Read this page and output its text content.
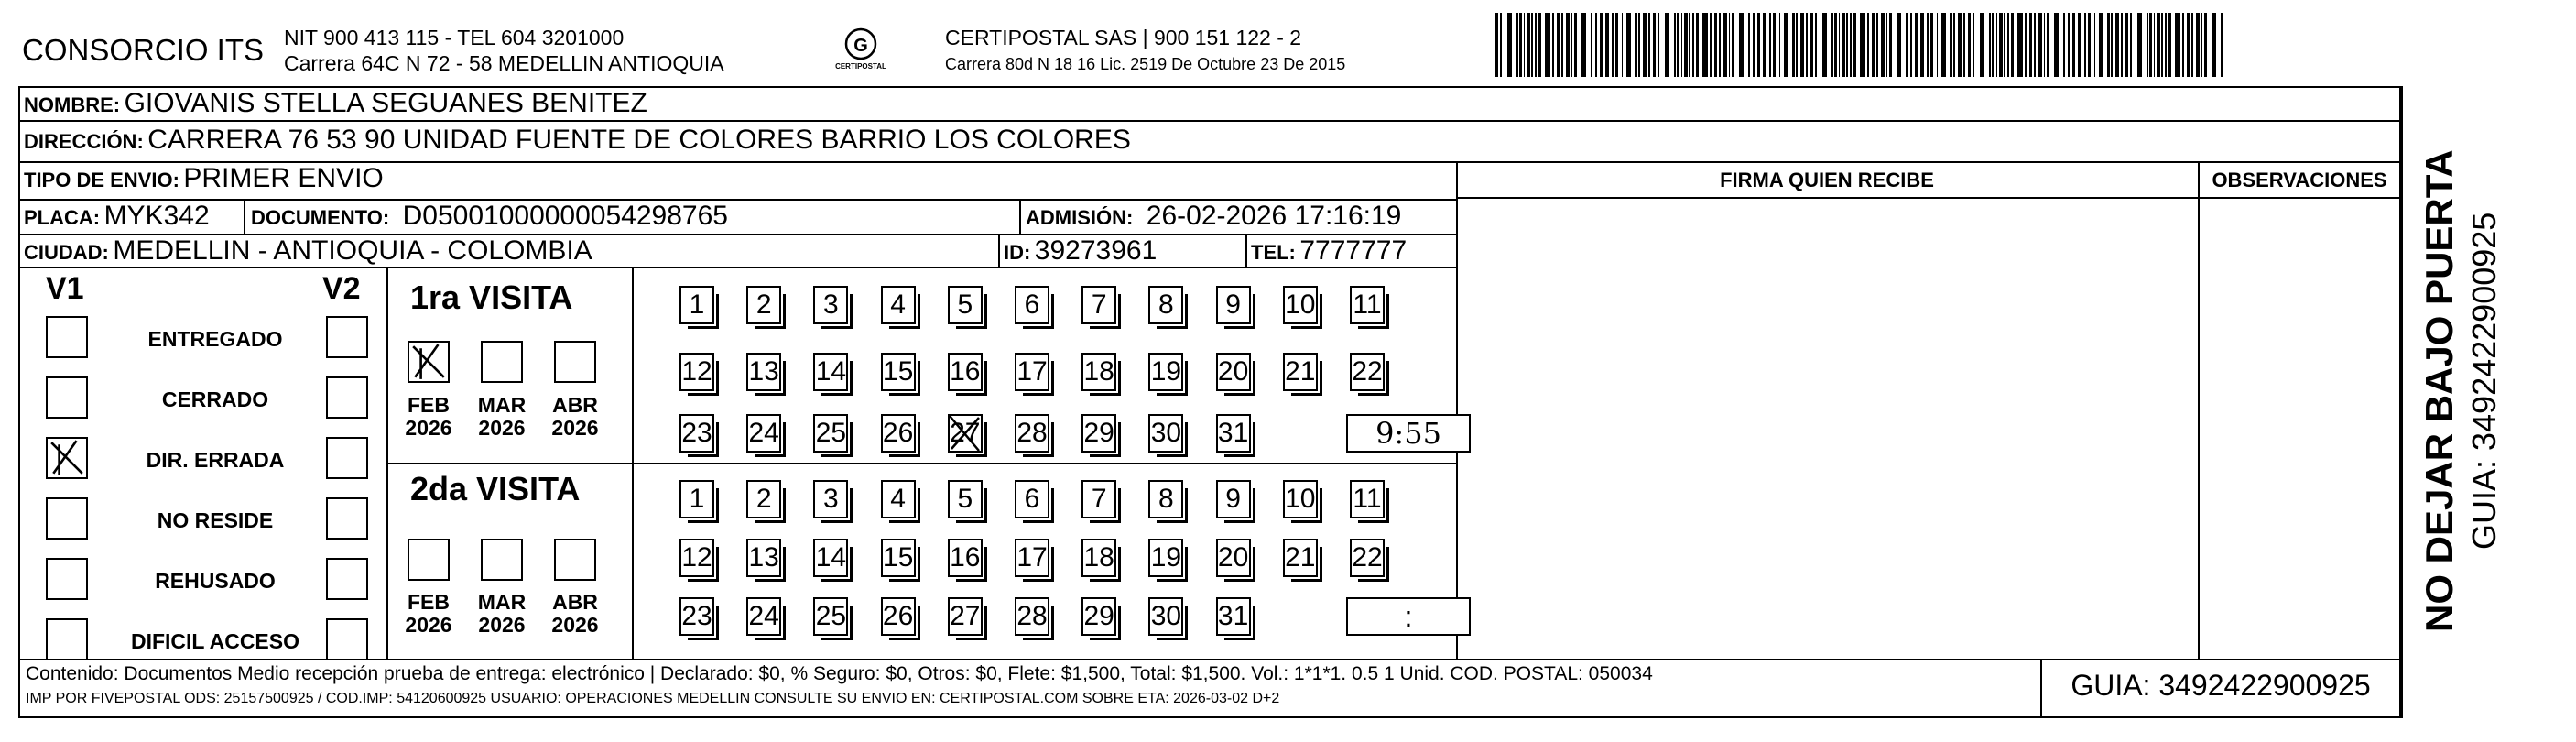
CONSORCIO ITS NIT 900 413 115 - TEL 604 3201000
Carrera 64C N 72 - 58 MEDELLIN ANTIOQUIA
G
CERTIPOSTAL
CERTIPOSTAL SAS | 900 151 122 - 2
Carrera 80d N 18 16 Lic. 2519 De Octubre 23 De 2015
NOMBRE: GIOVANIS STELLA SEGUANES BENITEZ
DIRECCIÓN: CARRERA 76 53 90 UNIDAD FUENTE DE COLORES BARRIO LOS COLORES
TIPO DE ENVIO: PRIMER ENVIO	FIRMA QUIEN RECIBE	OBSERVACIONES
PLACA: MYK342 DOCUMENTO: D05001000000054298765	ADMISIÓN: 26-02-2026 17:16:19
CIUDAD: MEDELLIN - ANTIOQUIA - COLOMBIA	ID: 39273961	TEL: 7777777
V1	V2
ENTREGADO
CERRADO
DIR. ERRADA
NO RESIDE
REHUSADO
DIFICIL ACCESO
1ra VISITA
2da VISITA
FEB
2026
MAR
2026
ABR
2026
FEB
2026
MAR
2026
ABR
2026
1	2	3	4	5	6	7	8	9	10 11
12 13 14 15 16 17 18 19 20 21 22
23 24 25 26 27 28 29 30 31	9:55
1	2	3	4	5	6	7	8	9	10 11
12 13 14 15 16 17 18 19 20 21 22
23 24 25 26 27 28 29 30 31	:
Contenido: Documentos Medio recepción prueba de entrega: electrónico | Declarado: $0, % Seguro: $0, Otros: $0, Flete: $1,500, Total: $1,500. Vol.: 1*1*1. 0.5 1 Unid. COD. POSTAL: 050034
IMP POR FIVEPOSTAL ODS: 25157500925 / COD.IMP: 54120600925 USUARIO: OPERACIONES MEDELLIN CONSULTE SU ENVIO EN: CERTIPOSTAL.COM SOBRE ETA: 2026-03-02 D+2	GUIA: 3492422900925
NO DEJAR BAJO PUERTA GUIA: 3492422900925
